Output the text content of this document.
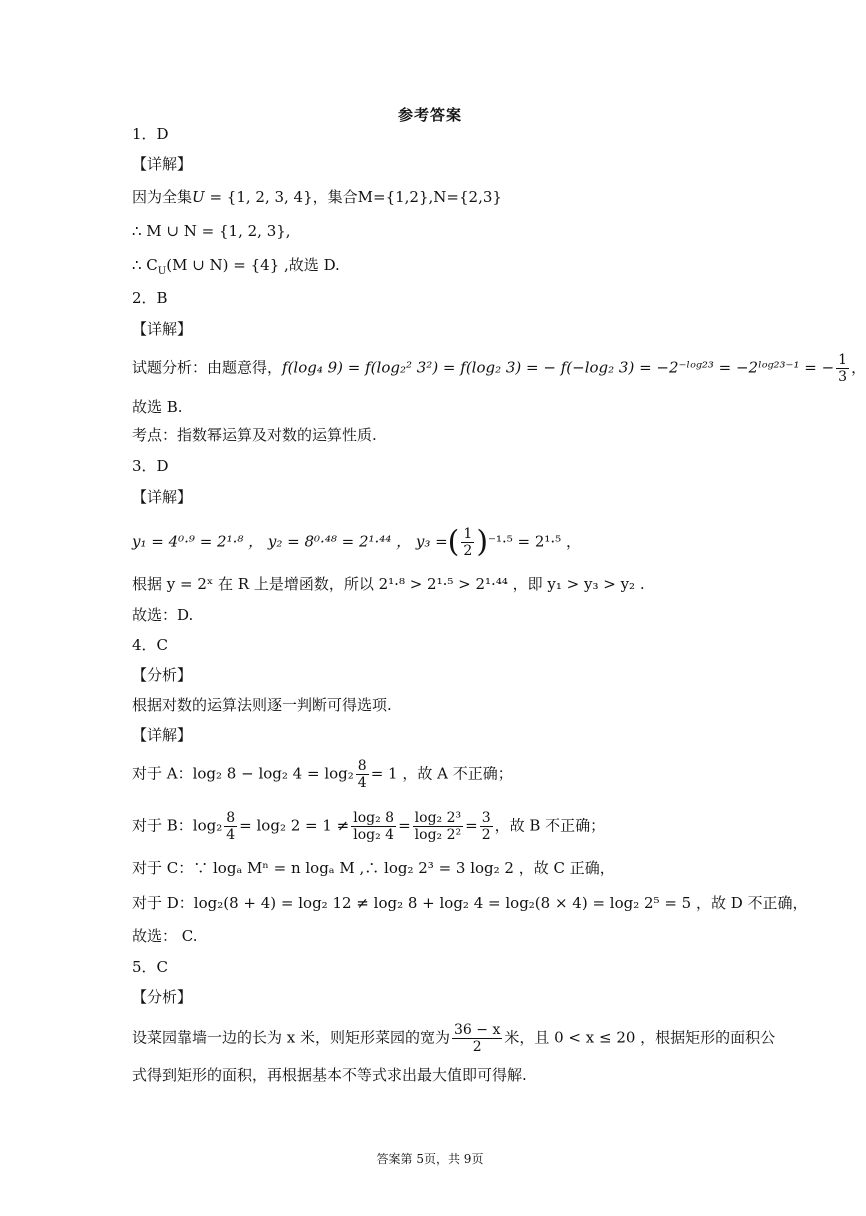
参考答案
1．D
【详解】
因为全集U = {1, 2, 3, 4}，集合M={1,2},N={2,3}
∴ M ∪ N = {1, 2, 3},
∴ $C_U(M$ ∪ N) = {4} ,故选 D.
2．B
【详解】
试题分析：由题意得，f(log₄ 9) = f(log₂² 3²) = f(log₂ 3) = − f(−log₂ 3) = −2⁻ˡᵒᵍ²³ = −2ˡᵒᵍ²³⁻¹ = − $\frac{1}{3}$ ，
故选 B.
考点：指数幂运算及对数的运算性质.
3．D
【详解】
y₁ = 4⁰·⁹ = 2¹·⁸ ， y₂ = 8⁰·⁴⁸ = 2¹·⁴⁴ ， y₃ =( $\frac{1}{2} )^{-1}\cdot^5 = 2^1\cdot^5$ ，
根据 y = 2ˣ 在 R 上是增函数，所以 2¹·⁸ > 2¹·⁵ > 2¹·⁴⁴ ，即 y₁ > y₃ > y₂ .
故选：D.
4．C
【分析】
根据对数的运算法则逐一判断可得选项.
【详解】
对于 A：log₂ 8 − log₂ $4 = \log_2 \frac{8}{4} = 1$ ，故 A 不正确；
对于 B：$\log_2 \frac{8}{4} = \log_2$ $2 = 1 \ne \frac{\text{log₂ 8}}{\text{log₂ 4}} = \frac{\text{log₂ 2³}}{\text{log₂ 2²}} = \frac{3}{2}$ ，故 B 不正确；
对于 C：∵ logₐ Mⁿ = n logₐ M ,∴ log₂ 2³ = 3 log₂ 2 ，故 C 正确，
对于 D：log₂(8 + 4) = log₂ 12 ≠ log₂ 8 + log₂ 4 = log₂(8 × 4) = log₂ 2⁵ = 5 ，故 D 不正确，
故选： C.
5．C
【分析】
设菜园靠墙一边的长为 x 米，则矩形菜园的宽为 $\frac{36 - x}{2}$ 米，且 0 < x ≤ 20 ，根据矩形的面积公
式得到矩形的面积，再根据基本不等式求出最大值即可得解.
答案第 5页，共 9页
